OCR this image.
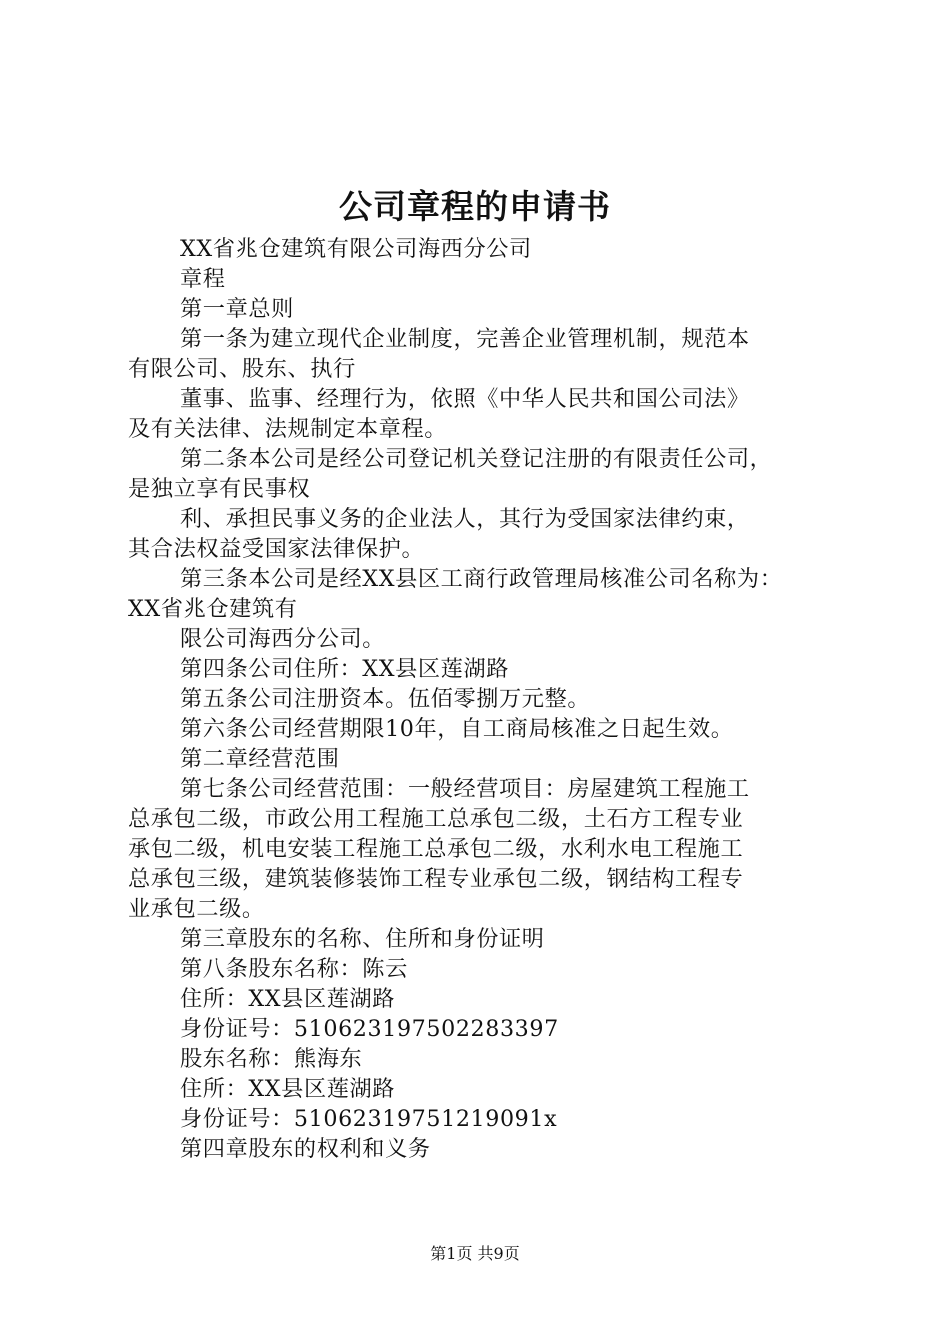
公司章程的申请书
XX省兆仓建筑有限公司海西分公司
章程
第一章总则
第一条为建立现代企业制度，完善企业管理机制，规范本
有限公司、股东、执行
董事、监事、经理行为，依照《中华人民共和国公司法》
及有关法律、法规制定本章程。
第二条本公司是经公司登记机关登记注册的有限责任公司，
是独立享有民事权
利、承担民事义务的企业法人，其行为受国家法律约束，
其合法权益受国家法律保护。
第三条本公司是经XX县区工商行政管理局核准公司名称为：
XX省兆仓建筑有
限公司海西分公司。
第四条公司住所：XX县区莲湖路
第五条公司注册资本。伍佰零捌万元整。
第六条公司经营期限10年，自工商局核准之日起生效。
第二章经营范围
第七条公司经营范围：一般经营项目：房屋建筑工程施工
总承包二级，市政公用工程施工总承包二级，土石方工程专业
承包二级，机电安装工程施工总承包二级，水利水电工程施工
总承包三级，建筑装修装饰工程专业承包二级，钢结构工程专
业承包二级。
第三章股东的名称、住所和身份证明
第八条股东名称：陈云
住所：XX县区莲湖路
身份证号：510623197502283397
股东名称：熊海东
住所：XX县区莲湖路
身份证号：51062319751219091x
第四章股东的权利和义务
第1页 共9页
